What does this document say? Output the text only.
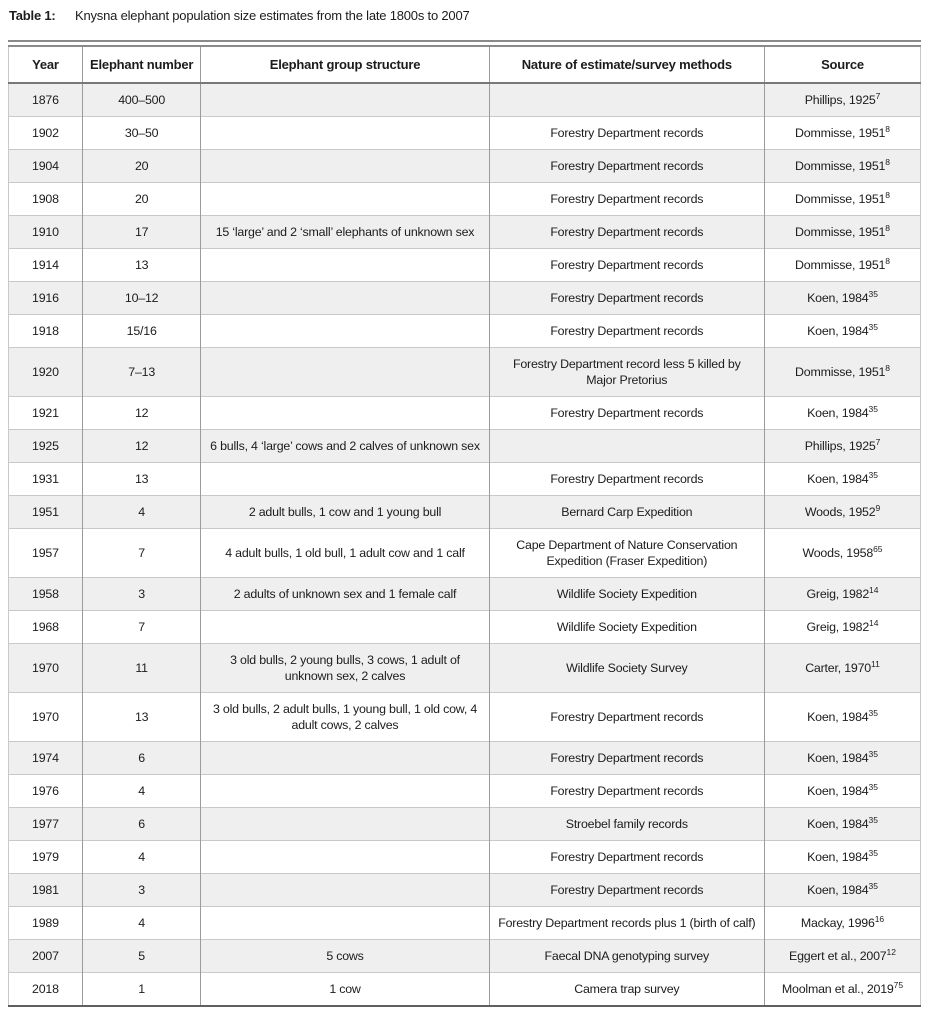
Table 1:	Knysna elephant population size estimates from the late 1800s to 2007
Year	Elephant number	Elephant group structure	Nature of estimate/survey methods	Source
1876	400–500			Phillips, 1925$^7$
1902	30–50		Forestry Department records	Dommisse, 1951$^8$
1904	20		Forestry Department records	Dommisse, 1951$^8$
1908	20		Forestry Department records	Dommisse, 1951$^8$
1910	17	15 ‘large’ and 2 ‘small’ elephants of unknown sex	Forestry Department records	Dommisse, 1951$^8$
1914	13		Forestry Department records	Dommisse, 1951$^8$
1916	10–12		Forestry Department records	Koen, 1984$^{35}$
1918	15/16		Forestry Department records	Koen, 1984$^{35}$
1920	7–13		Forestry Department record less 5 killed by Major Pretorius	Dommisse, 1951$^8$
1921	12		Forestry Department records	Koen, 1984$^{35}$
1925	12	6 bulls, 4 ‘large’ cows and 2 calves of unknown sex		Phillips, 1925$^7$
1931	13		Forestry Department records	Koen, 1984$^{35}$
1951	4	2 adult bulls, 1 cow and 1 young bull	Bernard Carp Expedition	Woods, 1952$^9$
1957	7	4 adult bulls, 1 old bull, 1 adult cow and 1 calf	Cape Department of Nature Conservation Expedition (Fraser Expedition)	Woods, 1958$^{65}$
1958	3	2 adults of unknown sex and 1 female calf	Wildlife Society Expedition	Greig, 1982$^{14}$
1968	7		Wildlife Society Expedition	Greig, 1982$^{14}$
1970	11	3 old bulls, 2 young bulls, 3 cows, 1 adult of unknown sex, 2 calves	Wildlife Society Survey	Carter, 1970$^{11}$
1970	13	3 old bulls, 2 adult bulls, 1 young bull, 1 old cow, 4 adult cows, 2 calves	Forestry Department records	Koen, 1984$^{35}$
1974	6		Forestry Department records	Koen, 1984$^{35}$
1976	4		Forestry Department records	Koen, 1984$^{35}$
1977	6		Stroebel family records	Koen, 1984$^{35}$
1979	4		Forestry Department records	Koen, 1984$^{35}$
1981	3		Forestry Department records	Koen, 1984$^{35}$
1989	4		Forestry Department records plus 1 (birth of calf)	Mackay, 1996$^{16}$
2007	5	5 cows	Faecal DNA genotyping survey	Eggert et al., 2007$^{12}$
2018	1	1 cow	Camera trap survey	Moolman et al., 2019$^{75}$
